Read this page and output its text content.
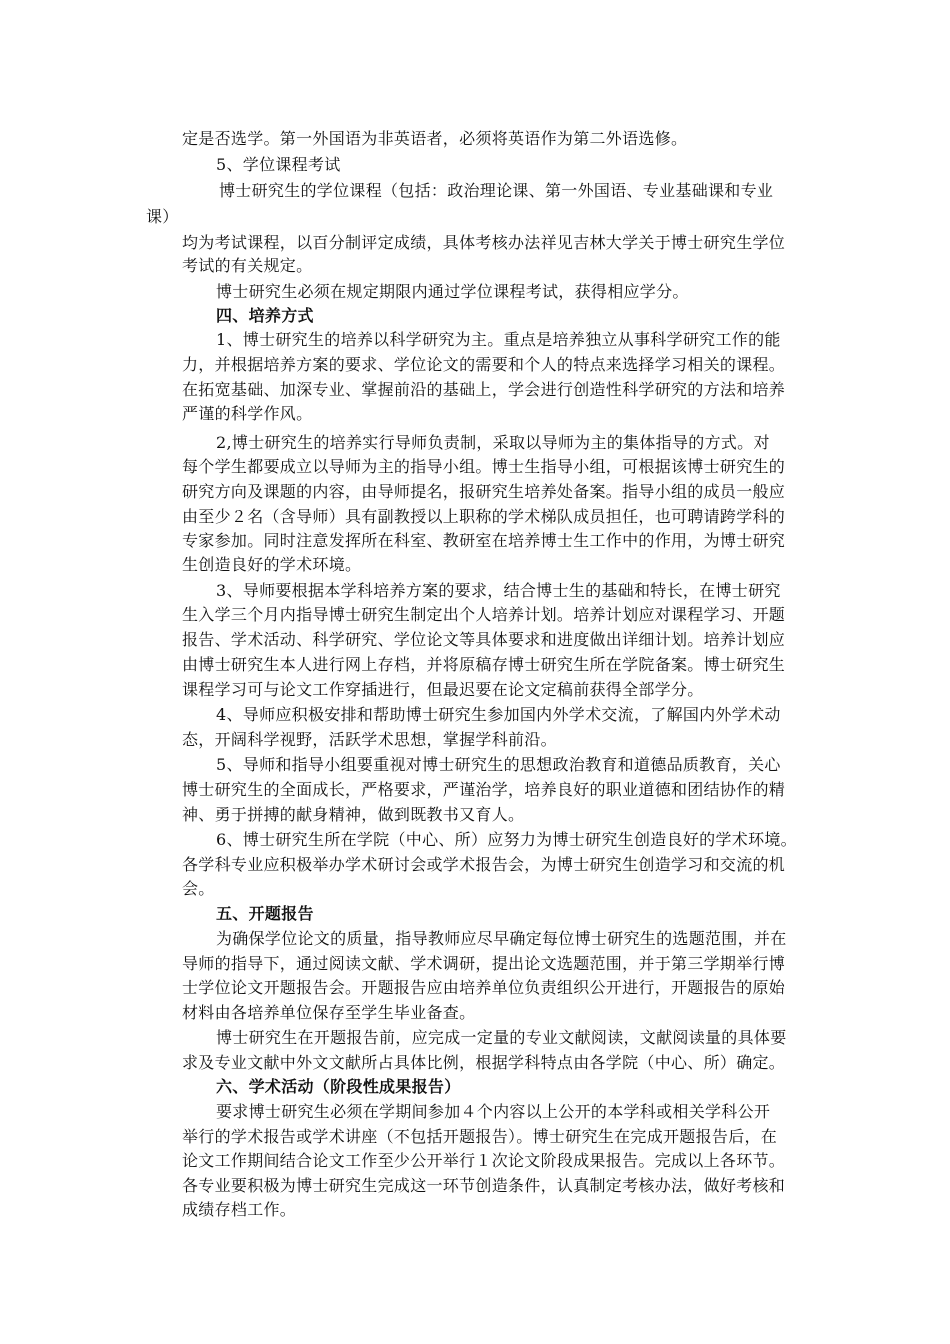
定是否选学。第一外国语为非英语者，必须将英语作为第二外语选修。
5、学位课程考试
博士研究生的学位课程（包括：政治理论课、第一外国语、专业基础课和专业
课）
均为考试课程，以百分制评定成绩，具体考核办法祥见吉林大学关于博士研究生学位
考试的有关规定。
博士研究生必须在规定期限内通过学位课程考试，获得相应学分。
四、培养方式
1、博士研究生的培养以科学研究为主。重点是培养独立从事科学研究工作的能
力，并根据培养方案的要求、学位论文的需要和个人的特点来选择学习相关的课程。
在拓宽基础、加深专业、掌握前沿的基础上，学会进行创造性科学研究的方法和培养
严谨的科学作风。
2,博士研究生的培养实行导师负责制，采取以导师为主的集体指导的方式。对
每个学生都要成立以导师为主的指导小组。博士生指导小组，可根据该博士研究生的
研究方向及课题的内容，由导师提名，报研究生培养处备案。指导小组的成员一般应
由至少２名（含导师）具有副教授以上职称的学术梯队成员担任，也可聘请跨学科的
专家参加。同时注意发挥所在科室、教研室在培养博士生工作中的作用，为博士研究
生创造良好的学术环境。
3、导师要根据本学科培养方案的要求，结合博士生的基础和特长，在博士研究
生入学三个月内指导博士研究生制定出个人培养计划。培养计划应对课程学习、开题
报告、学术活动、科学研究、学位论文等具体要求和进度做出详细计划。培养计划应
由博士研究生本人进行网上存档，并将原稿存博士研究生所在学院备案。博士研究生
课程学习可与论文工作穿插进行，但最迟要在论文定稿前获得全部学分。
4、导师应积极安排和帮助博士研究生参加国内外学术交流，了解国内外学术动
态，开阔科学视野，活跃学术思想，掌握学科前沿。
5、导师和指导小组要重视对博士研究生的思想政治教育和道德品质教育，关心
博士研究生的全面成长，严格要求，严谨治学，培养良好的职业道德和团结协作的精
神、勇于拼搏的献身精神，做到既教书又育人。
6、博士研究生所在学院（中心、所）应努力为博士研究生创造良好的学术环境。
各学科专业应积极举办学术研讨会或学术报告会，为博士研究生创造学习和交流的机
会。
五、开题报告
为确保学位论文的质量，指导教师应尽早确定每位博士研究生的选题范围，并在
导师的指导下，通过阅读文献、学术调研，提出论文选题范围，并于第三学期举行博
士学位论文开题报告会。开题报告应由培养单位负责组织公开进行，开题报告的原始
材料由各培养单位保存至学生毕业备查。
博士研究生在开题报告前，应完成一定量的专业文献阅读，文献阅读量的具体要
求及专业文献中外文文献所占具体比例，根据学科特点由各学院（中心、所）确定。
六、学术活动（阶段性成果报告）
要求博士研究生必须在学期间参加４个内容以上公开的本学科或相关学科公开
举行的学术报告或学术讲座（不包括开题报告）。博士研究生在完成开题报告后，在
论文工作期间结合论文工作至少公开举行１次论文阶段成果报告。完成以上各环节。
各专业要积极为博士研究生完成这一环节创造条件，认真制定考核办法，做好考核和
成绩存档工作。
